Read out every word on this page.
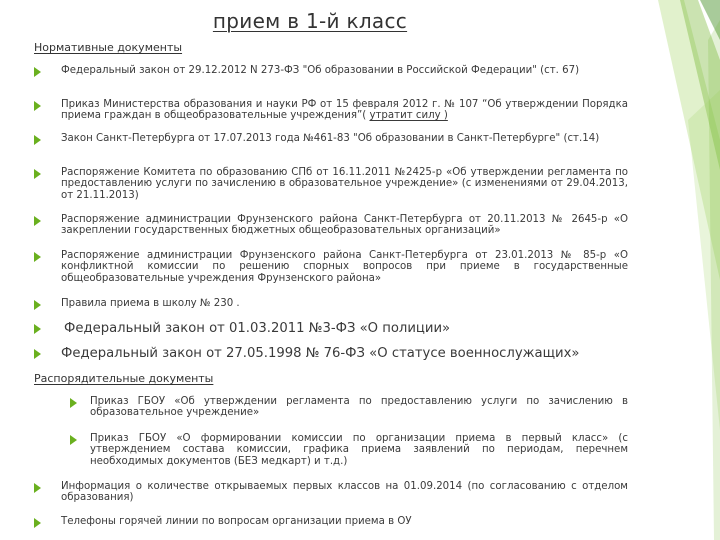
прием в 1-й класс
Нормативные документы
Федеральный закон от 29.12.2012 N 273-ФЗ "Об образовании в Российской Федерации" (ст. 67)
Приказ Министерства образования и науки РФ от 15 февраля 2012 г. № 107 “Об утверждении Порядка приема граждан в общеобразовательные учреждения”( утратит силу )
Закон Санкт-Петербурга от 17.07.2013 года №461-83 "Об образовании в Санкт-Петербурге" (ст.14)
Распоряжение Комитета по образованию СПб от 16.11.2011 №2425-р «Об утверждении регламента по предоставлению услуги по зачислению в образовательное учреждение» (с изменениями от 29.04.2013, от 21.11.2013)
Распоряжение администрации Фрунзенского района Санкт-Петербурга от 20.11.2013 № 2645-р «О закреплении государственных бюджетных общеобразовательных организаций»
Распоряжение администрации Фрунзенского района Санкт-Петербурга от 23.01.2013 № 85-р «О конфликтной комиссии по решению спорных вопросов при приеме в государственные общеобразовательные учреждения Фрунзенского района»
Правила приема в школу № 230 .
Федеральный закон от 01.03.2011 №3-ФЗ «О полиции»
Федеральный закон от 27.05.1998 № 76-ФЗ «О статусе военнослужащих»
Распорядительные документы
Приказ ГБОУ «Об утверждении регламента по предоставлению услуги по зачислению в образовательное учреждение»
Приказ ГБОУ «О формировании комиссии по организации приема в первый класс» (с утверждением состава комиссии, графика приема заявлений по периодам, перечнем необходимых документов (БЕЗ медкарт) и т.д.)
Информация о количестве открываемых первых классов на 01.09.2014 (по согласованию с отделом образования)
Телефоны горячей линии по вопросам организации приема в ОУ
